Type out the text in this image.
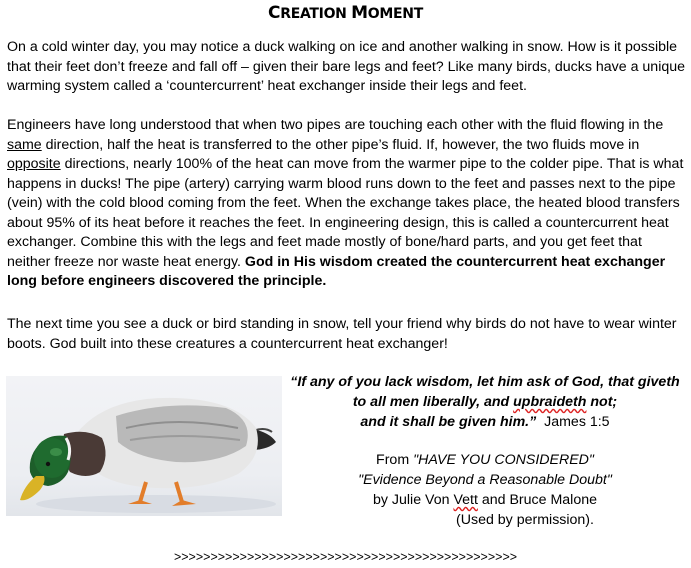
CREATION MOMENT

On a cold winter day, you may notice a duck walking on ice and another walking in snow. How is it possible that their feet don’t freeze and fall off – given their bare legs and feet? Like many birds, ducks have a unique warming system called a ‘countercurrent’ heat exchanger inside their legs and feet.

Engineers have long understood that when two pipes are touching each other with the fluid flowing in the same direction, half the heat is transferred to the other pipe’s fluid. If, however, the two fluids move in opposite directions, nearly 100% of the heat can move from the warmer pipe to the colder pipe. That is what happens in ducks! The pipe (artery) carrying warm blood runs down to the feet and passes next to the pipe (vein) with the cold blood coming from the feet. When the exchange takes place, the heated blood transfers about 95% of its heat before it reaches the feet. In engineering design, this is called a countercurrent heat exchanger. Combine this with the legs and feet made mostly of bone/hard parts, and you get feet that neither freeze nor waste heat energy. God in His wisdom created the countercurrent heat exchanger long before engineers discovered the principle.

The next time you see a duck or bird standing in snow, tell your friend why birds do not have to wear winter boots. God built into these creatures a countercurrent heat exchanger!

“If any of you lack wisdom, let him ask of God, that giveth
to all men liberally, and upbraideth not;
and it shall be given him.” James 1:5
From "HAVE YOU CONSIDERED"
"Evidence Beyond a Reasonable Doubt"
by Julie Von Vett and Bruce Malone
(Used by permission).
>>>>>>>>>>>>>>>>>>>>>>>>>>>>>>>>>>>>>>>>>>>>>>>
